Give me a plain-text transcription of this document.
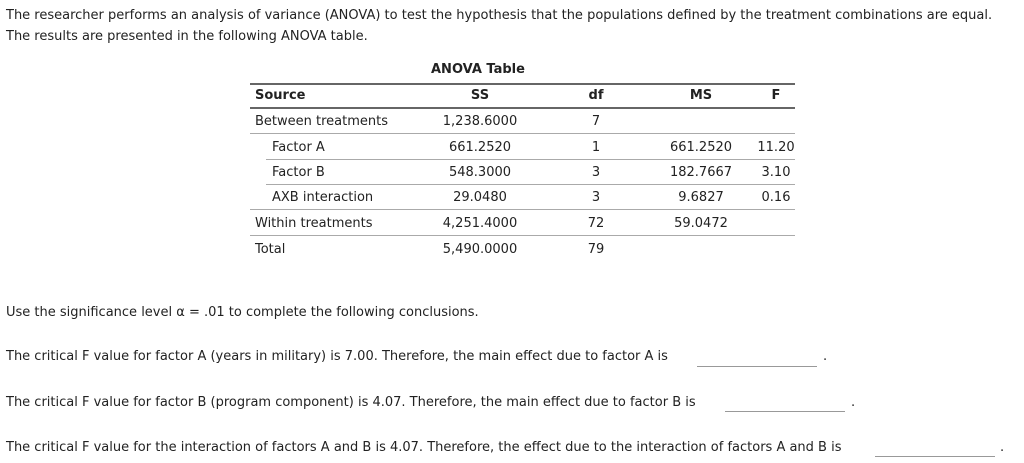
The researcher performs an analysis of variance (ANOVA) to test the hypothesis that the populations defined by the treatment combinations are equal.
The results are presented in the following ANOVA table.
ANOVA Table
Source	SS	df	MS	F
Between treatments	1,238.6000	7
Factor A	661.2520	1	661.2520	11.20
Factor B	548.3000	3	182.7667	3.10
AXB interaction	29.0480	3	9.6827	0.16
Within treatments	4,251.4000	72	59.0472
Total	5,490.0000	79
Use the significance level α = .01 to complete the following conclusions.
The critical F value for factor A (years in military) is 7.00. Therefore, the main effect due to factor A is	.
The critical F value for factor B (program component) is 4.07. Therefore, the main effect due to factor B is	.
The critical F value for the interaction of factors A and B is 4.07. Therefore, the effect due to the interaction of factors A and B is	.
